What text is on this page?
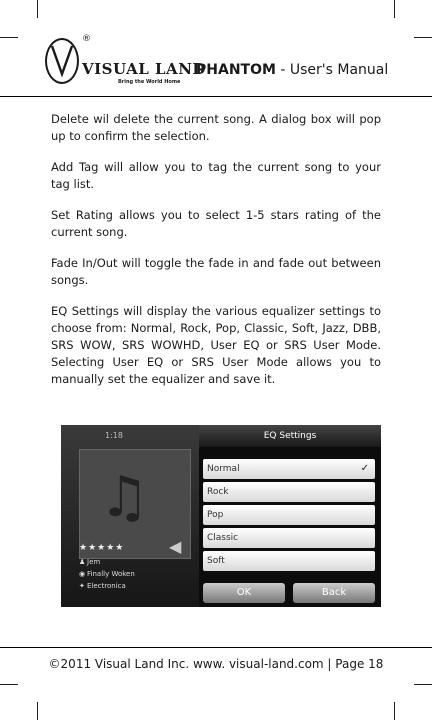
®
VISUAL LAND
Bring the World Home
PHANTOM - User's Manual

Delete wil delete the current song. A dialog box will pop up to confirm the selection.

Add Tag will allow you to tag the current song to your tag list.

Set Rating allows you to select 1-5 stars rating of the current song.

Fade In/Out will toggle the fade in and fade out between songs.

EQ Settings will display the various equalizer settings to choose from: Normal, Rock, Pop, Classic, Soft, Jazz, DBB, SRS WOW, SRS WOWHD, User EQ or SRS User Mode. Selecting User EQ or SRS User Mode allows you to manually set the equalizer and save it.

1:18
♫
★★★★★
♟ Jem
◉ Finally Woken
✦ Electronica
◀
EQ Settings
Normal	✓
Rock
Pop
Classic
Soft
OK	Back
©2011 Visual Land Inc. www. visual-land.com | Page 18
